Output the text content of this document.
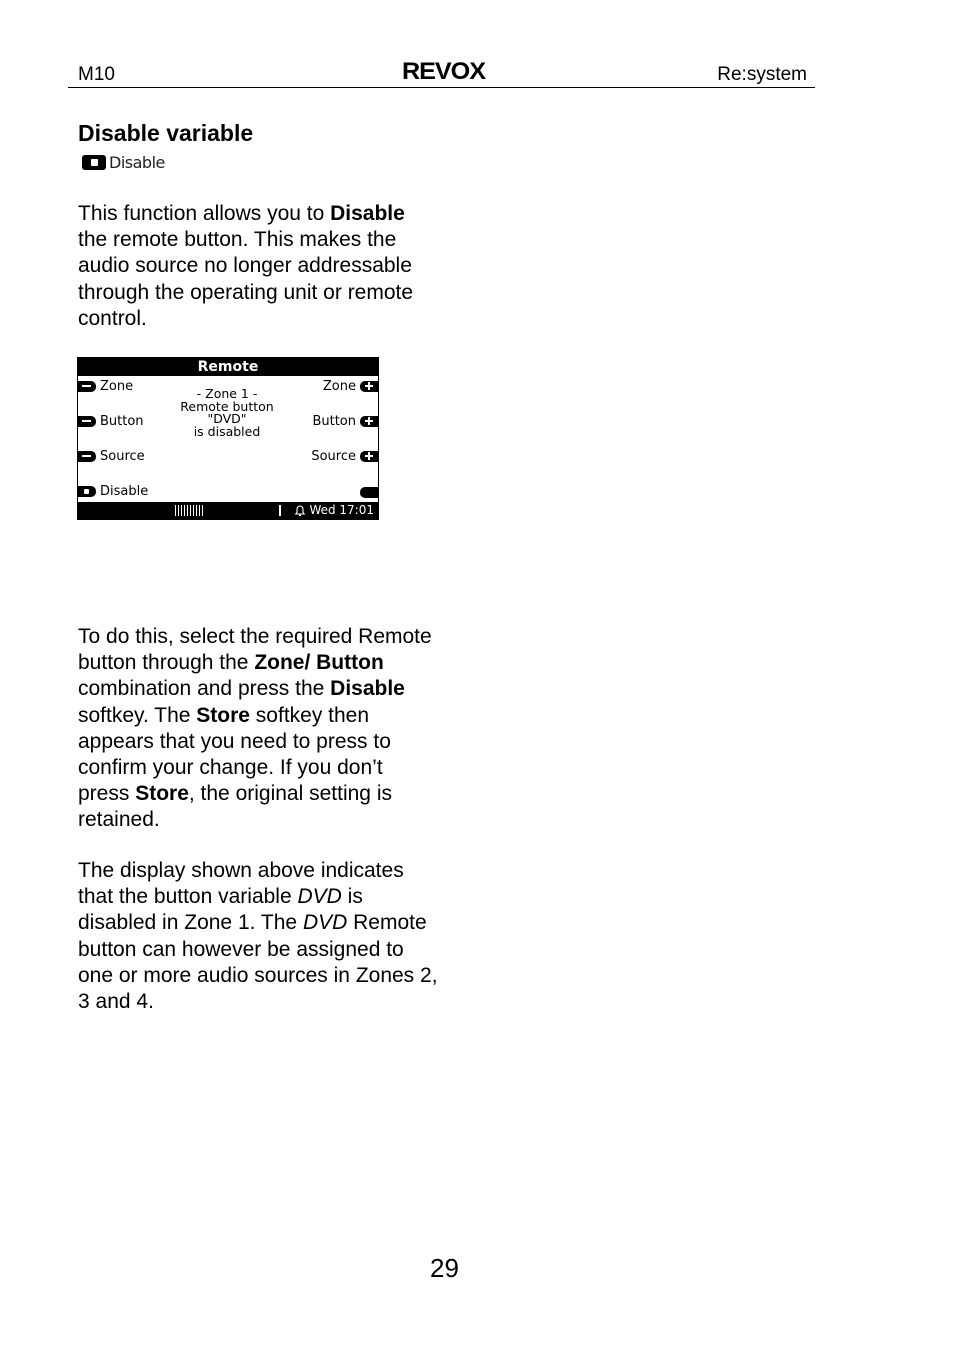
M10	REVOX	Re:system
Disable variable
Disable
This function allows you to Disable the remote button. This makes the audio source no longer addressable through the operating unit or remote control.
Remote
Zone
Button
Source
Disable
Zone
Button
Source
- Zone 1 -
Remote button
"DVD"
is disabled
Wed 17:01
To do this, select the required Remote button through the Zone/ Button combination and press the Disable softkey. The Store softkey then appears that you need to press to confirm your change. If you don’t press Store, the original setting is retained.
The display shown above indicates that the button variable DVD is disabled in Zone 1. The DVD Remote button can however be assigned to one or more audio sources in Zones 2, 3 and 4.
29
